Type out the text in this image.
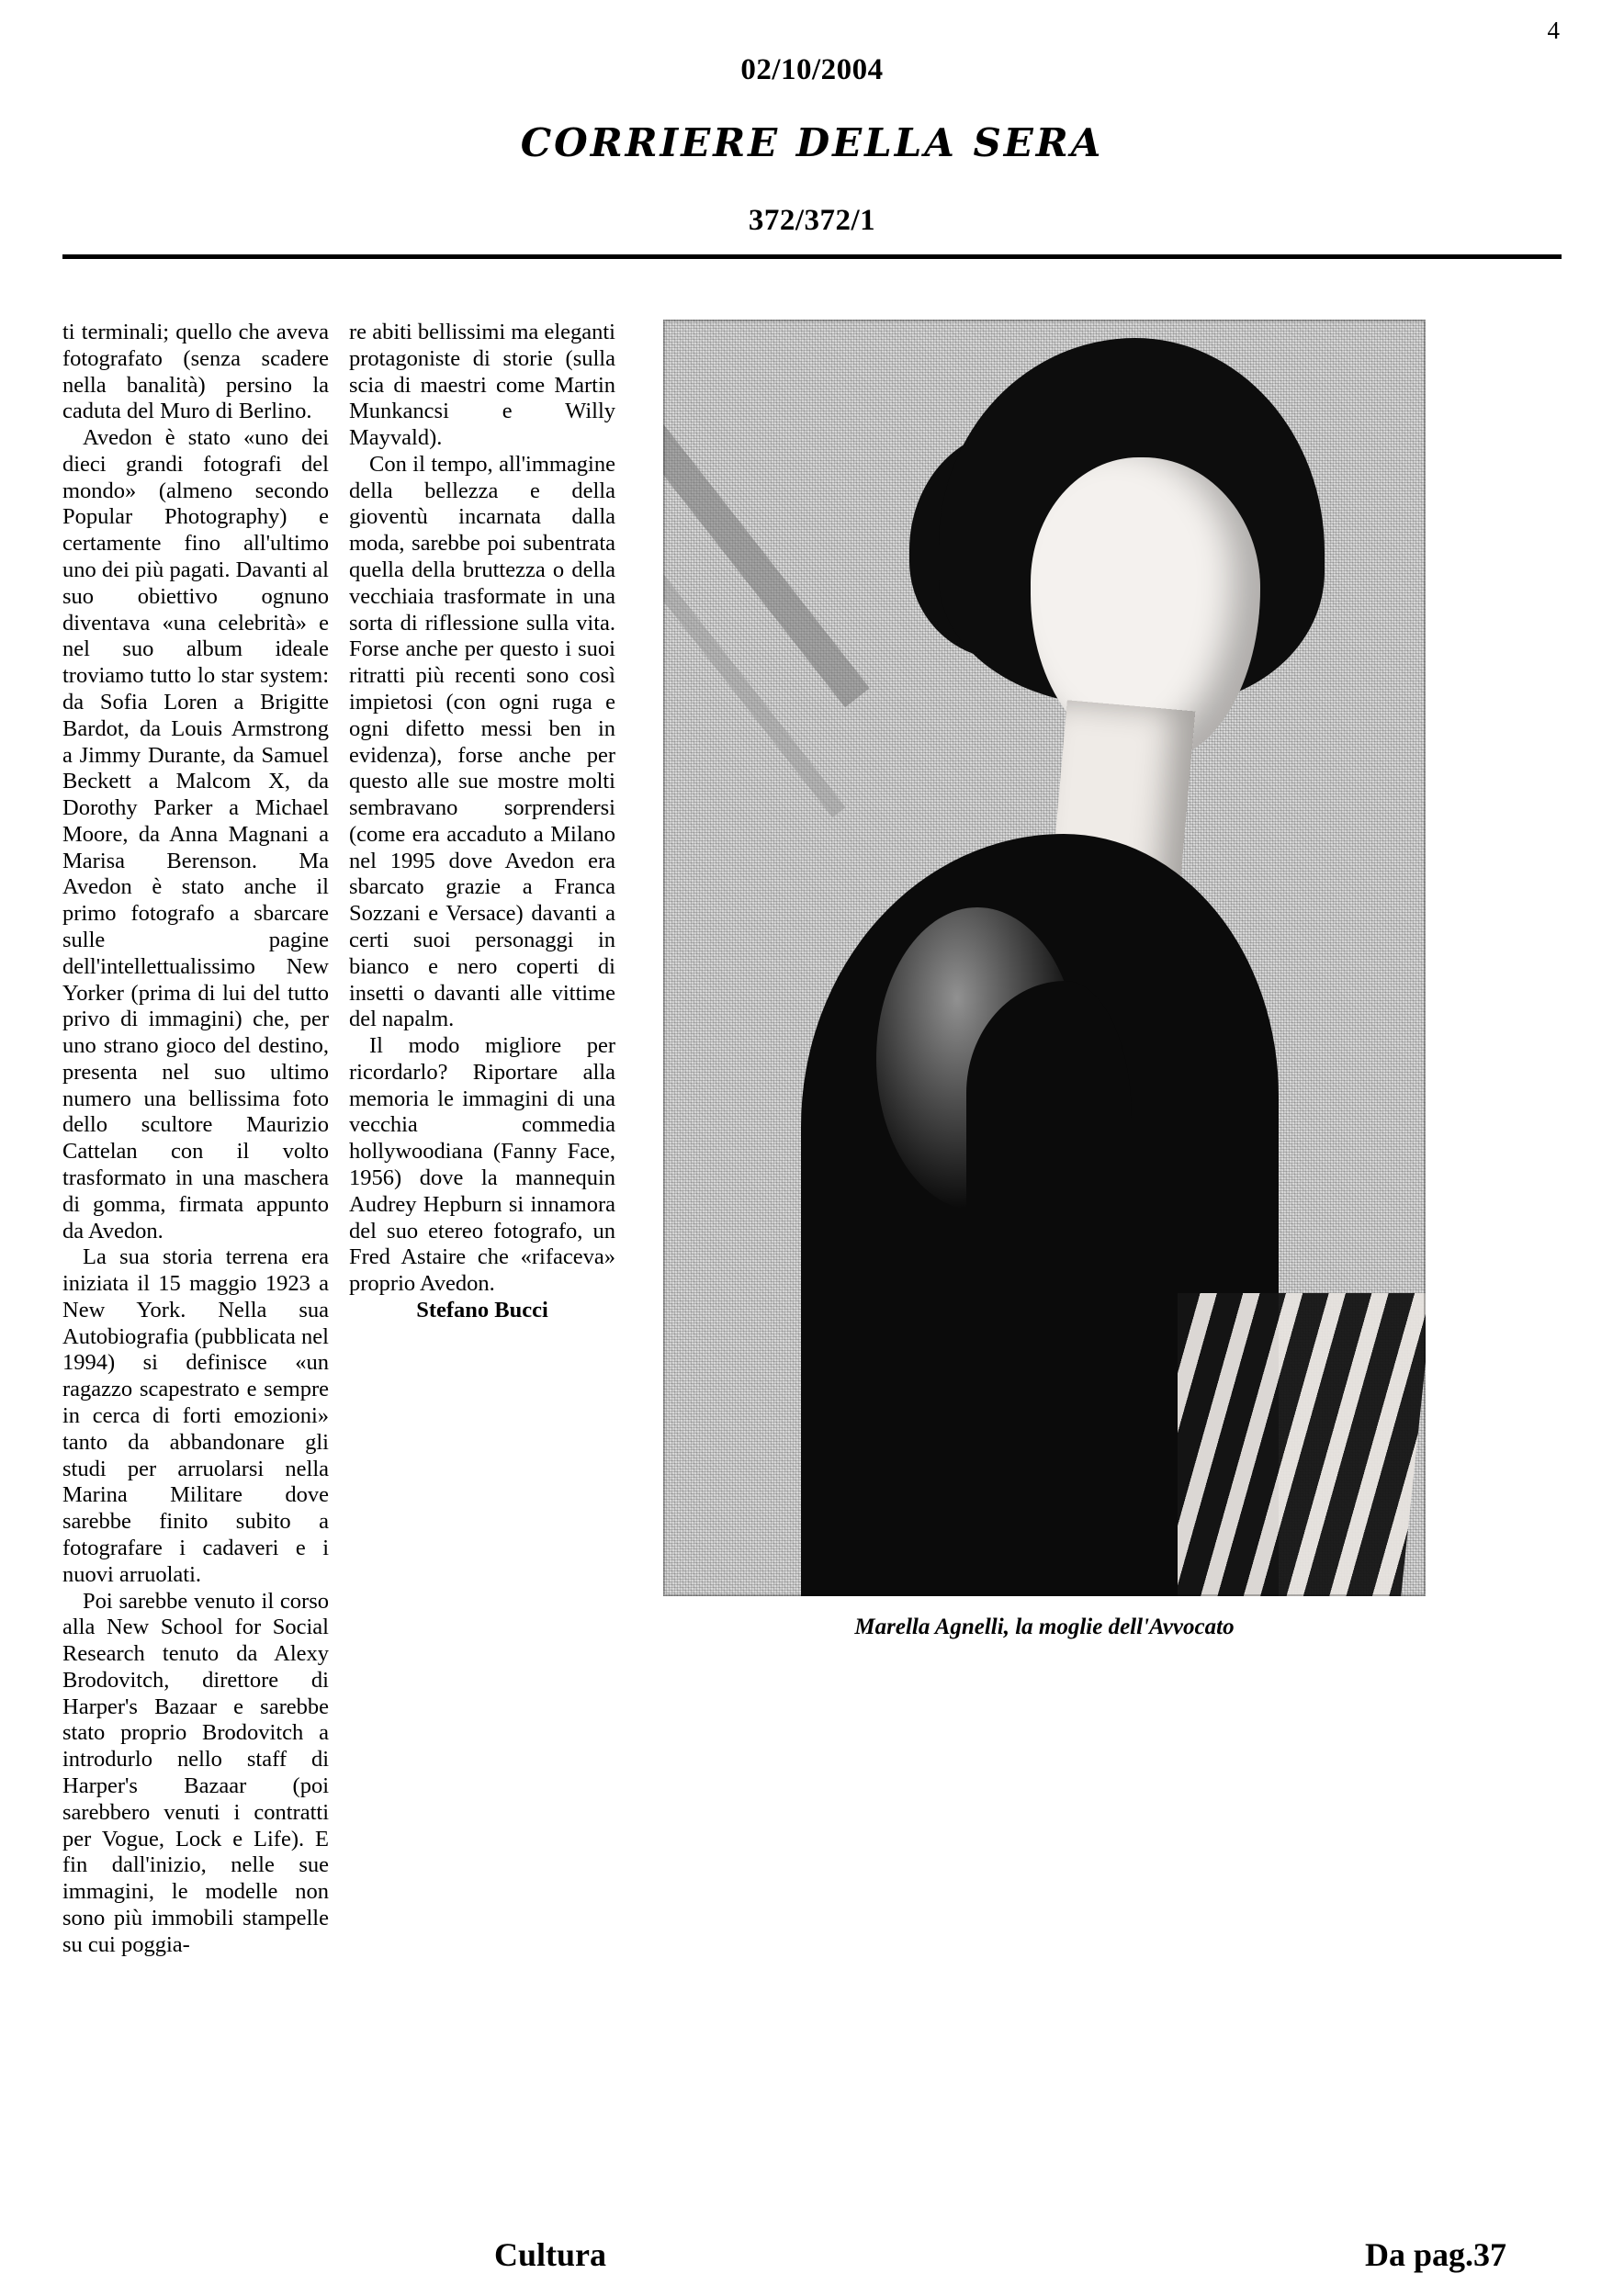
4
02/10/2004
CORRIERE DELLA SERA
372/372/1

ti terminali; quello che aveva fotografato (senza scadere nella banalità) persino la caduta del Muro di Berlino.

Avedon è stato «uno dei dieci grandi fotografi del mondo» (almeno secondo Popular Photography) e certamente fino all'ultimo uno dei più pagati. Davanti al suo obiettivo ognuno diventava «una celebrità» e nel suo album ideale troviamo tutto lo star system: da Sofia Loren a Brigitte Bardot, da Louis Armstrong a Jimmy Durante, da Samuel Beckett a Malcom X, da Dorothy Parker a Michael Moore, da Anna Magnani a Marisa Berenson. Ma Avedon è stato anche il primo fotografo a sbarcare sulle pagine dell'intellettualissimo New Yorker (prima di lui del tutto privo di immagini) che, per uno strano gioco del destino, presenta nel suo ultimo numero una bellissima foto dello scultore Maurizio Cattelan con il volto trasformato in una maschera di gomma, firmata appunto da Avedon.

La sua storia terrena era iniziata il 15 maggio 1923 a New York. Nella sua Autobiografia (pubblicata nel 1994) si definisce «un ragazzo scapestrato e sempre in cerca di forti emozioni» tanto da abbandonare gli studi per arruolarsi nella Marina Militare dove sarebbe finito subito a fotografare i cadaveri e i nuovi arruolati.

Poi sarebbe venuto il corso alla New School for Social Research tenuto da Alexy Brodovitch, direttore di Harper's Bazaar e sarebbe stato proprio Brodovitch a introdurlo nello staff di Harper's Bazaar (poi sarebbero venuti i contratti per Vogue, Lock e Life). E fin dall'inizio, nelle sue immagini, le modelle non sono più immobili stampelle su cui poggia-

re abiti bellissimi ma eleganti protagoniste di storie (sulla scia di maestri come Martin Munkancsi e Willy Mayvald).

Con il tempo, all'immagine della bellezza e della gioventù incarnata dalla moda, sarebbe poi subentrata quella della bruttezza o della vecchiaia trasformate in una sorta di riflessione sulla vita. Forse anche per questo i suoi ritratti più recenti sono così impietosi (con ogni ruga e ogni difetto messi ben in evidenza), forse anche per questo alle sue mostre molti sembravano sorprendersi (come era accaduto a Milano nel 1995 dove Avedon era sbarcato grazie a Franca Sozzani e Versace) davanti a certi suoi personaggi in bianco e nero coperti di insetti o davanti alle vittime del napalm.

Il modo migliore per ricordarlo? Riportare alla memoria le immagini di una vecchia commedia hollywoodiana (Fanny Face, 1956) dove la mannequin Audrey Hepburn si innamora del suo etereo fotografo, un Fred Astaire che «rifaceva» proprio Avedon.

Stefano Bucci

Marella Agnelli, la moglie dell'Avvocato
Cultura	Da pag.37
